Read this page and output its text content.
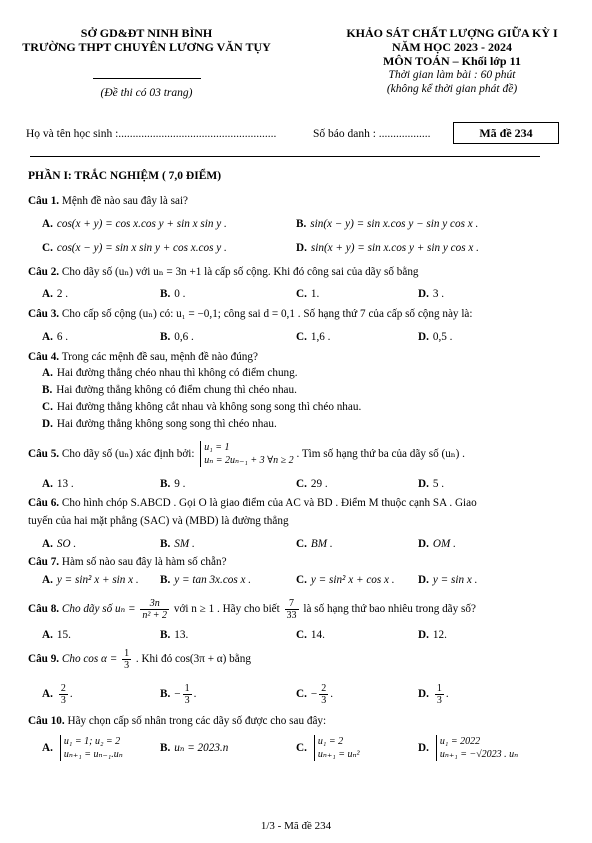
SỞ GD&ĐT NINH BÌNH
TRƯỜNG THPT CHUYÊN LƯƠNG VĂN TỤY
(Đề thi có 03 trang)
KHẢO SÁT CHẤT LƯỢNG GIỮA KỲ I
NĂM HỌC 2023 - 2024
MÔN TOÁN – Khối lớp 11
Thời gian làm bài : 60 phút
(không kể thời gian phát đề)
Họ và tên học sinh :.......................................................	Số báo danh : ..................	Mã đề 234
PHẦN I: TRẮC NGHIỆM ( 7,0 ĐIỂM)
Câu 1. Mệnh đề nào sau đây là sai?
A. cos(x + y) = cos x.cos y + sin x sin y .	B. sin(x − y) = sin x.cos y − sin y cos x .
C. cos(x − y) = sin x sin y + cos x.cos y .	D. sin(x + y) = sin x.cos y + sin y cos x .
Câu 2. Cho dãy số (uₙ) với uₙ = 3n +1 là cấp số cộng. Khi đó công sai của dãy số bằng
A. 2 .	B. 0 .	C. 1.	D. 3 .
Câu 3. Cho cấp số cộng (uₙ) có: u₁ = −0,1; công sai d = 0,1 . Số hạng thứ 7 của cấp số cộng này là:
A. 6 .	B. 0,6 .	C. 1,6 .	D. 0,5 .
Câu 4. Trong các mệnh đề sau, mệnh đề nào đúng?
A. Hai đường thẳng chéo nhau thì không có điểm chung.
B. Hai đường thẳng không có điểm chung thì chéo nhau.
C. Hai đường thẳng không cắt nhau và không song song thì chéo nhau.
D. Hai đường thẳng không song song thì chéo nhau.
Câu 5. Cho dãy số (uₙ) xác định bởi:
u₁ = 1
uₙ = 2uₙ₋₁ + 3 ∀n ≥ 2
. Tìm số hạng thứ ba của dãy số (uₙ) .
A. 13 .	B. 9 .	C. 29 .	D. 5 .
Câu 6. Cho hình chóp S.ABCD . Gọi O là giao điểm của AC và BD . Điểm M thuộc cạnh SA . Giao
tuyến của hai mặt phẳng (SAC) và (MBD) là đường thẳng
A. SO .	B. SM .	C. BM .	D. OM .
Câu 7. Hàm số nào sau đây là hàm số chẵn?
A. y = sin² x + sin x . B. y = tan 3x.cos x .	C. y = sin² x + cos x . D. y = sin x .
Câu 8. Cho dãy số $u_n = \frac{3n}{\text{n² + 2}}$ với n ≥ 1 . Hãy cho biết $\frac{7}{33}$ là số hạng thứ bao nhiêu trong dãy số?
A. 15.	B. 13.	C. 14.	D. 12.
Câu 9. Cho $\cos \alpha = \frac{1}{3}$ . Khi đó cos(3π + α) bằng
A. $\frac{2}{3}$ .	B. − $\frac{1}{3}$ .	C. − $\frac{2}{3}$ .	D. $\frac{1}{3}$ .
Câu 10. Hãy chọn cấp số nhân trong các dãy số được cho sau đây:
A.
u₁ = 1; u₂ = 2
uₙ₊₁ = uₙ₋₁.uₙ
B. uₙ = 2023.n	C.
u₁ = 2
uₙ₊₁ = uₙ²
D.
u₁ = 2022
uₙ₊₁ = −√2023 . uₙ
1/3 - Mã đề 234
